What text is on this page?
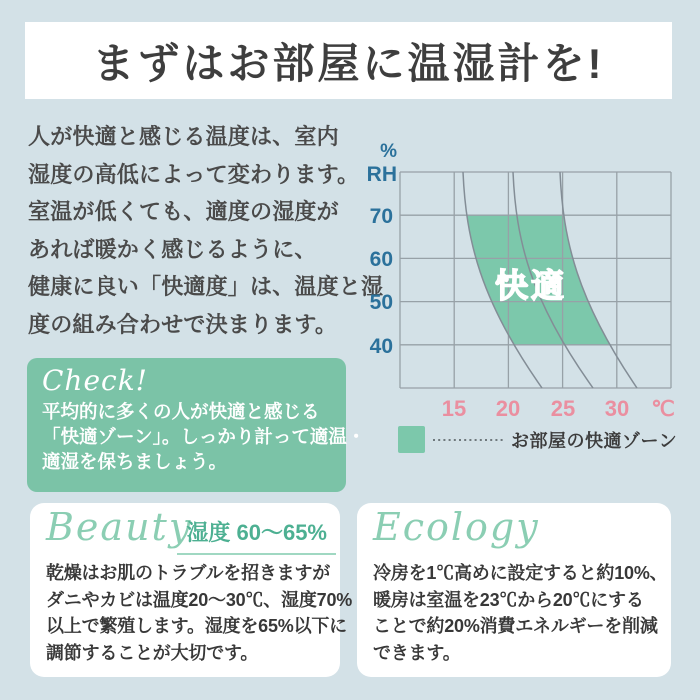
まずはお部屋に温湿計を!

人が快適と感じる温度は、室内

湿度の高低によって変わります。

室温が低くても、適度の湿度が

あれば暖かく感じるように、

健康に良い「快適度」は、温度と湿

度の組み合わせで決まります。

快適
%
RH
70
60
50
40
15 20 25 30 ℃
お部屋の快適ゾーン
Check!

平均的に多くの人が快適と感じる

「快適ゾーン」。しっかり計って適温・

適湿を保ちましょう。

Beauty
湿度 60〜65%

乾燥はお肌のトラブルを招きますが

ダニやカビは温度20〜30℃、湿度70%

以上で繁殖します。湿度を65%以下に

調節することが大切です。

Ecology

冷房を1℃高めに設定すると約10%、

暖房は室温を23℃から20℃にする

ことで約20%消費エネルギーを削減

できます。
